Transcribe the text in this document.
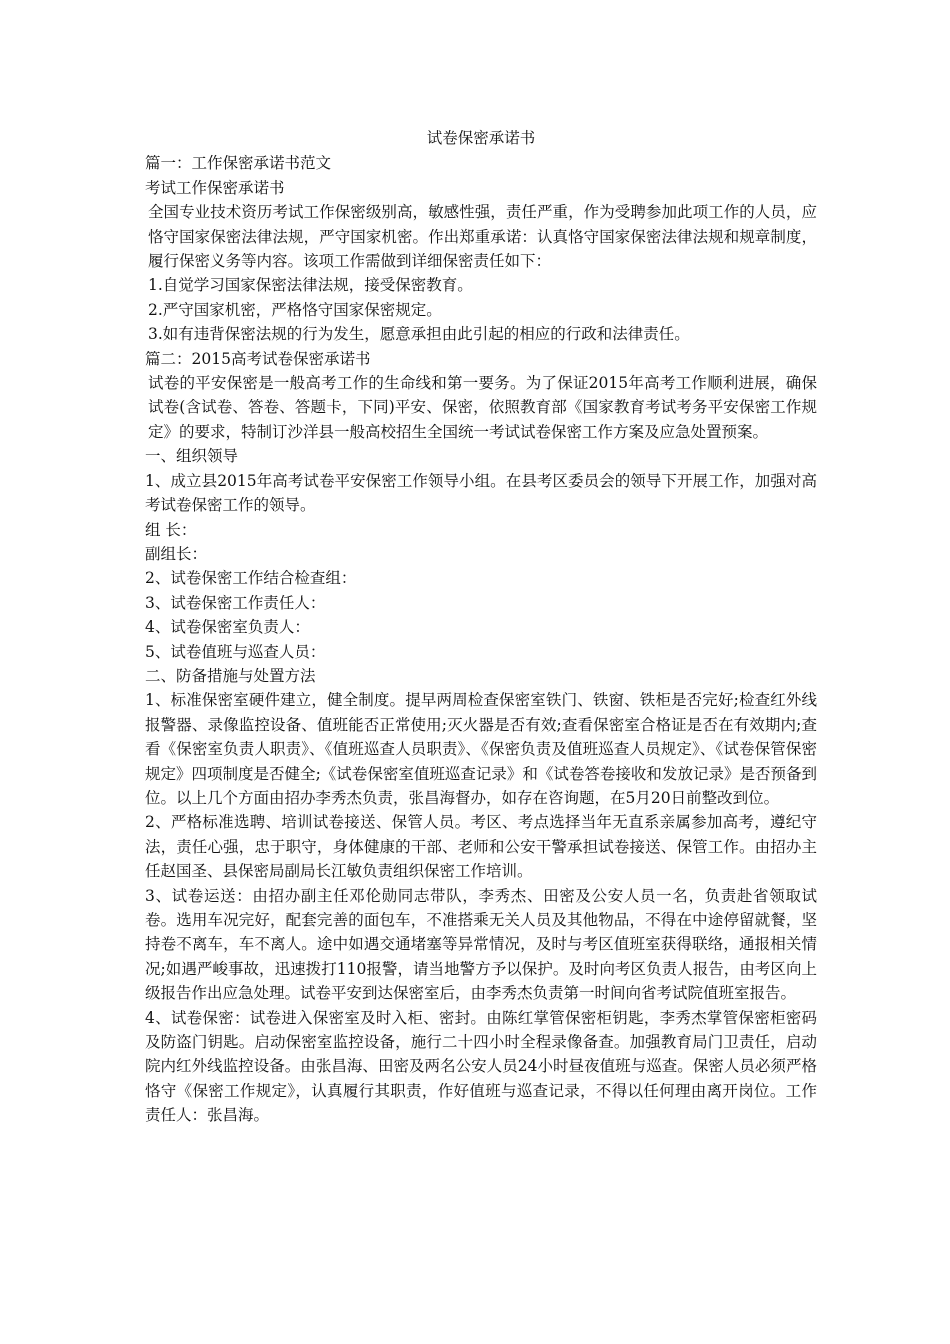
试卷保密承诺书

篇一：工作保密承诺书范文

考试工作保密承诺书

全国专业技术资历考试工作保密级别高，敏感性强，责任严重，作为受聘参加此项工作的人员，应恪守国家保密法律法规，严守国家机密。作出郑重承诺：认真恪守国家保密法律法规和规章制度，履行保密义务等内容。该项工作需做到详细保密责任如下：

1.自觉学习国家保密法律法规，接受保密教育。

2.严守国家机密，严格恪守国家保密规定。

3.如有违背保密法规的行为发生，愿意承担由此引起的相应的行政和法律责任。

篇二：2015高考试卷保密承诺书

试卷的平安保密是一般高考工作的生命线和第一要务。为了保证2015年高考工作顺利进展，确保试卷(含试卷、答卷、答题卡，下同)平安、保密，依照教育部《国家教育考试考务平安保密工作规定》的要求，特制订沙洋县一般高校招生全国统一考试试卷保密工作方案及应急处置预案。

一、组织领导

1、成立县2015年高考试卷平安保密工作领导小组。在县考区委员会的领导下开展工作，加强对高考试卷保密工作的领导。

组 长：

副组长：

2、试卷保密工作结合检查组：

3、试卷保密工作责任人：

4、试卷保密室负责人：

5、试卷值班与巡查人员：

二、防备措施与处置方法

1、标准保密室硬件建立，健全制度。提早两周检查保密室铁门、铁窗、铁柜是否完好;检查红外线报警器、录像监控设备、值班能否正常使用;灭火器是否有效;查看保密室合格证是否在有效期内;查看《保密室负责人职责》、《值班巡查人员职责》、《保密负责及值班巡查人员规定》、《试卷保管保密规定》四项制度是否健全;《试卷保密室值班巡查记录》和《试卷答卷接收和发放记录》是否预备到位。以上几个方面由招办李秀杰负责，张昌海督办，如存在咨询题，在5月20日前整改到位。

2、严格标准选聘、培训试卷接送、保管人员。考区、考点选择当年无直系亲属参加高考，遵纪守法，责任心强，忠于职守，身体健康的干部、老师和公安干警承担试卷接送、保管工作。由招办主任赵国圣、县保密局副局长江敏负责组织保密工作培训。

3、试卷运送：由招办副主任邓伦勋同志带队，李秀杰、田密及公安人员一名，负责赴省领取试卷。选用车况完好，配套完善的面包车，不准搭乘无关人员及其他物品，不得在中途停留就餐，坚持卷不离车，车不离人。途中如遇交通堵塞等异常情况，及时与考区值班室获得联络，通报相关情况;如遇严峻事故，迅速拨打110报警，请当地警方予以保护。及时向考区负责人报告，由考区向上级报告作出应急处理。试卷平安到达保密室后，由李秀杰负责第一时间向省考试院值班室报告。

4、试卷保密：试卷进入保密室及时入柜、密封。由陈红掌管保密柜钥匙，李秀杰掌管保密柜密码及防盗门钥匙。启动保密室监控设备，施行二十四小时全程录像备查。加强教育局门卫责任，启动院内红外线监控设备。由张昌海、田密及两名公安人员24小时昼夜值班与巡查。保密人员必须严格恪守《保密工作规定》，认真履行其职责，作好值班与巡查记录，不得以任何理由离开岗位。工作责任人：张昌海。
